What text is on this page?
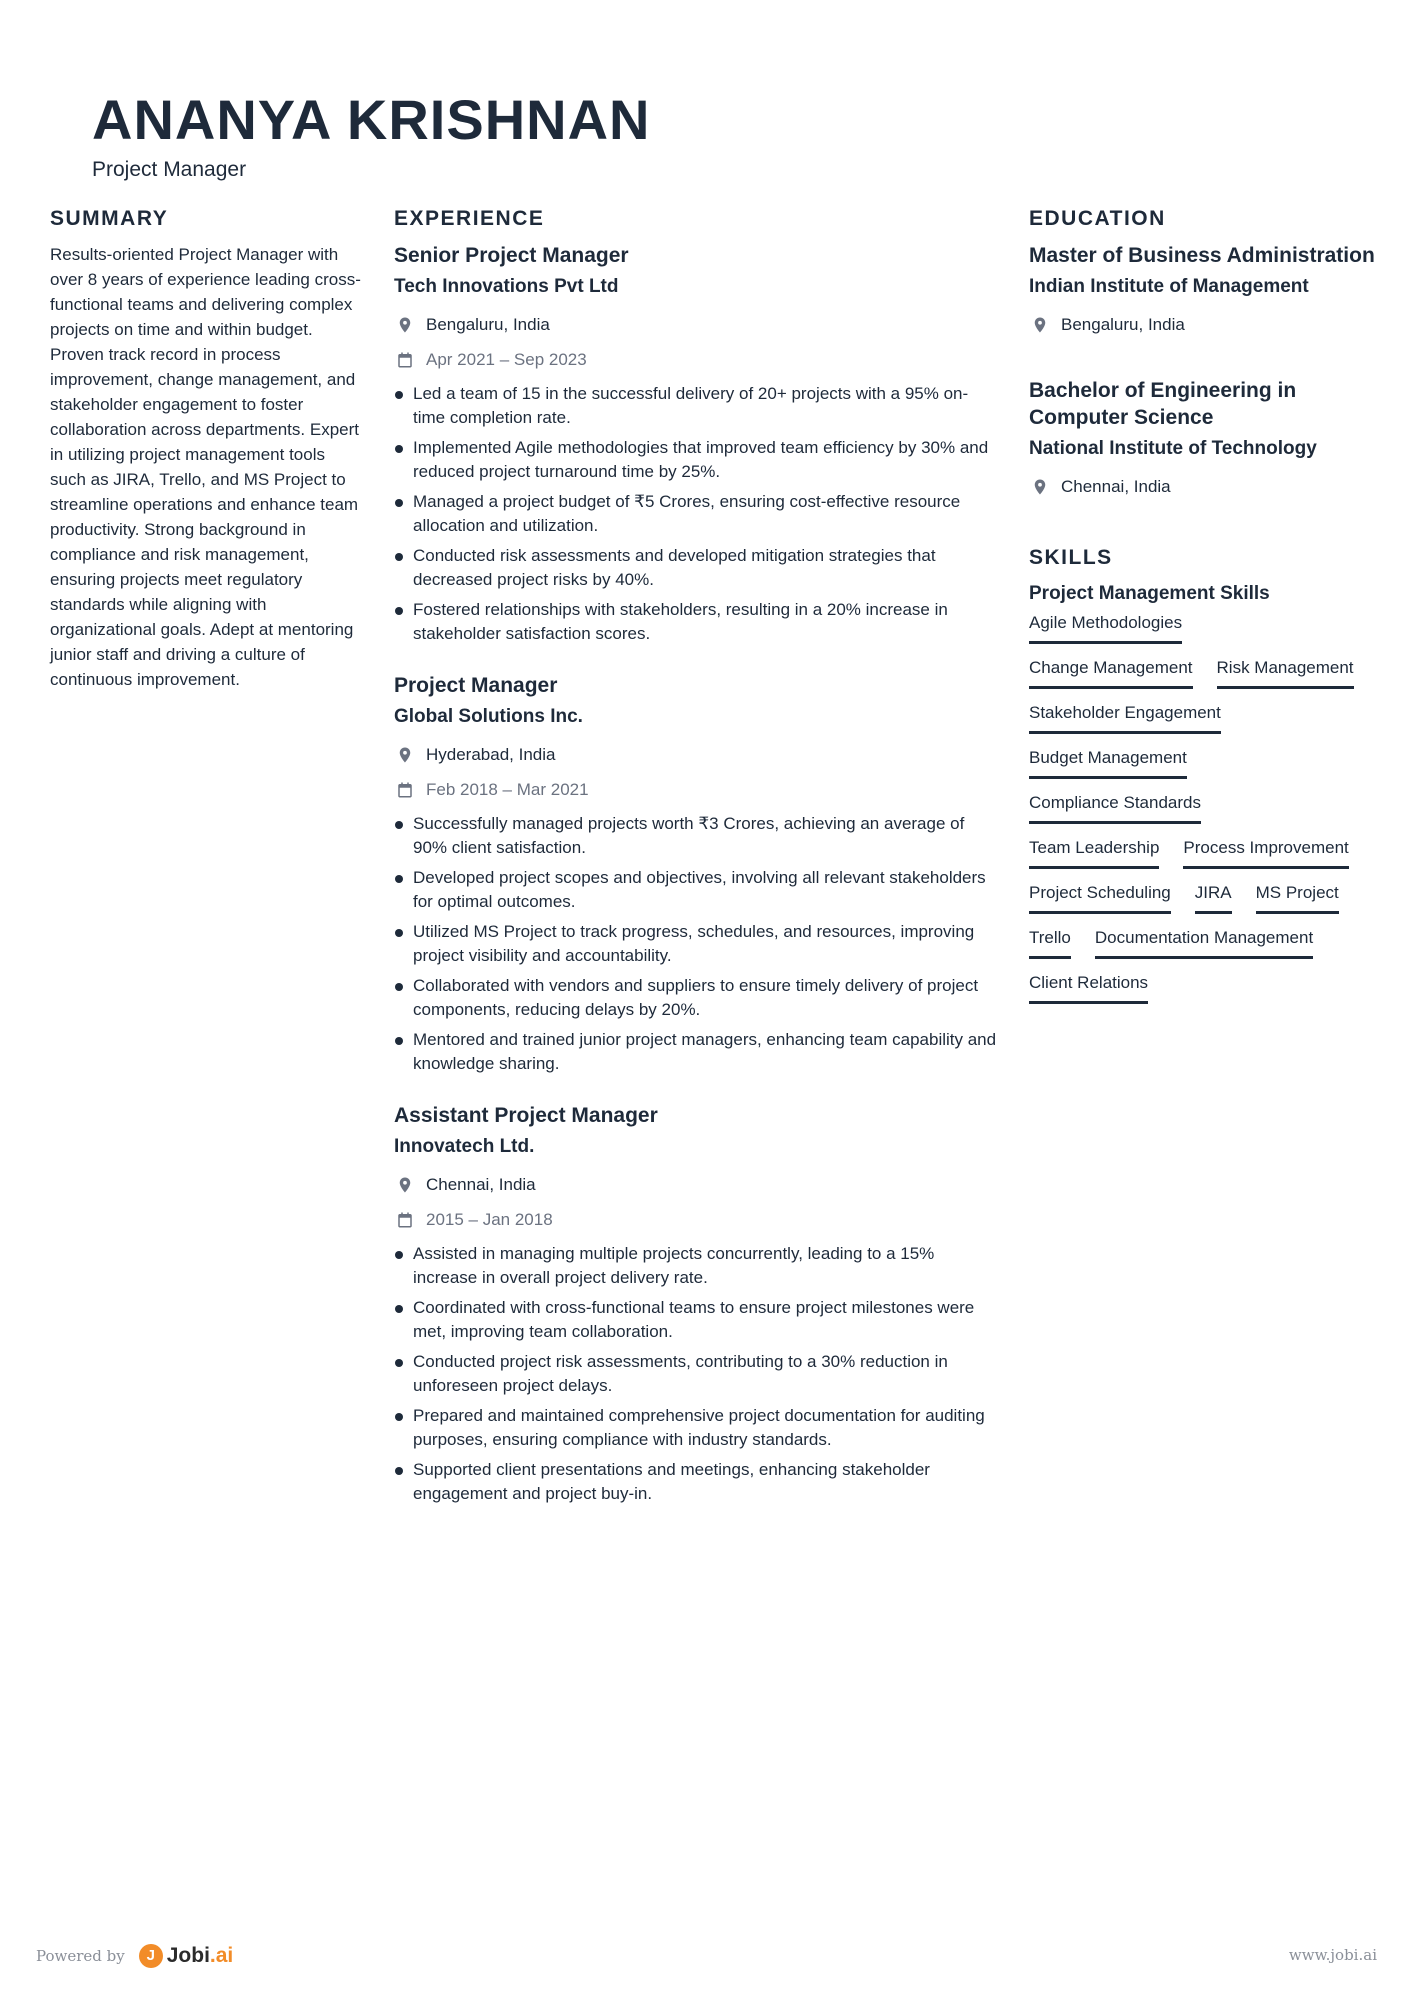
ANANYA KRISHNAN
Project Manager
SUMMARY

Results-oriented Project Manager with over 8 years of experience leading cross-functional teams and delivering complex projects on time and within budget. Proven track record in process improvement, change management, and stakeholder engagement to foster collaboration across departments. Expert in utilizing project management tools such as JIRA, Trello, and MS Project to streamline operations and enhance team productivity. Strong background in compliance and risk management, ensuring projects meet regulatory standards while aligning with organizational goals. Adept at mentoring junior staff and driving a culture of continuous improvement.

EXPERIENCE
Senior Project Manager
Tech Innovations Pvt Ltd
Bengaluru, India
Apr 2021 – Sep 2023
Led a team of 15 in the successful delivery of 20+ projects with a 95% on-time completion rate.
Implemented Agile methodologies that improved team efficiency by 30% and reduced project turnaround time by 25%.
Managed a project budget of ₹5 Crores, ensuring cost-effective resource allocation and utilization.
Conducted risk assessments and developed mitigation strategies that decreased project risks by 40%.
Fostered relationships with stakeholders, resulting in a 20% increase in stakeholder satisfaction scores.
Project Manager
Global Solutions Inc.
Hyderabad, India
Feb 2018 – Mar 2021
Successfully managed projects worth ₹3 Crores, achieving an average of 90% client satisfaction.
Developed project scopes and objectives, involving all relevant stakeholders for optimal outcomes.
Utilized MS Project to track progress, schedules, and resources, improving project visibility and accountability.
Collaborated with vendors and suppliers to ensure timely delivery of project components, reducing delays by 20%.
Mentored and trained junior project managers, enhancing team capability and knowledge sharing.
Assistant Project Manager
Innovatech Ltd.
Chennai, India
2015 – Jan 2018
Assisted in managing multiple projects concurrently, leading to a 15% increase in overall project delivery rate.
Coordinated with cross-functional teams to ensure project milestones were met, improving team collaboration.
Conducted project risk assessments, contributing to a 30% reduction in unforeseen project delays.
Prepared and maintained comprehensive project documentation for auditing purposes, ensuring compliance with industry standards.
Supported client presentations and meetings, enhancing stakeholder engagement and project buy-in.
EDUCATION
Master of Business Administration
Indian Institute of Management
Bengaluru, India
Bachelor of Engineering in Computer Science
National Institute of Technology
Chennai, India
SKILLS
Project Management Skills
Agile Methodologies
Change Management Risk Management
Stakeholder Engagement
Budget Management
Compliance Standards
Team Leadership Process Improvement
Project Scheduling JIRA MS Project
Trello Documentation Management
Client Relations
Powered by	J Jobi .ai	www.jobi.ai
